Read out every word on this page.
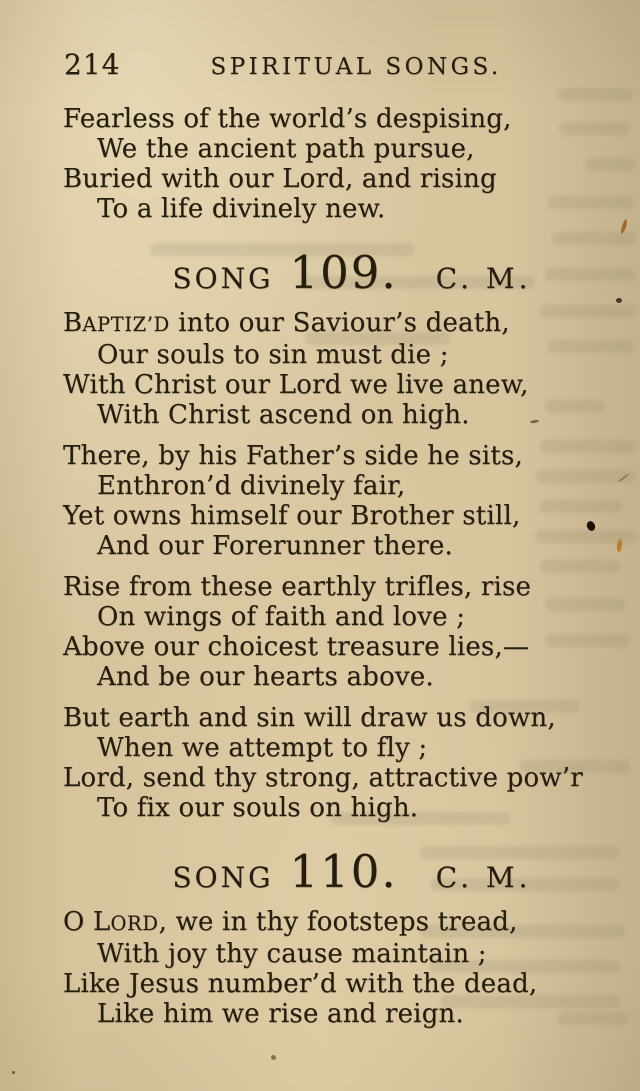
214	SPIRITUAL SONGS.

Fearless of the world’s despising,

We the ancient path pursue,

Buried with our Lord, and rising

To a life divinely new.

SONG 109. C. M.

BAPTIZ’D into our Saviour’s death,

Our souls to sin must die ;

With Christ our Lord we live anew,

With Christ ascend on high.

There, by his Father’s side he sits,

Enthron’d divinely fair,

Yet owns himself our Brother still,

And our Forerunner there.

Rise from these earthly trifles, rise

On wings of faith and love ;

Above our choicest treasure lies,—

And be our hearts above.

But earth and sin will draw us down,

When we attempt to fly ;

Lord, send thy strong, attractive pow’r

To fix our souls on high.

SONG 110. C. M.

O LORD, we in thy footsteps tread,

With joy thy cause maintain ;

Like Jesus number’d with the dead,

Like him we rise and reign.
